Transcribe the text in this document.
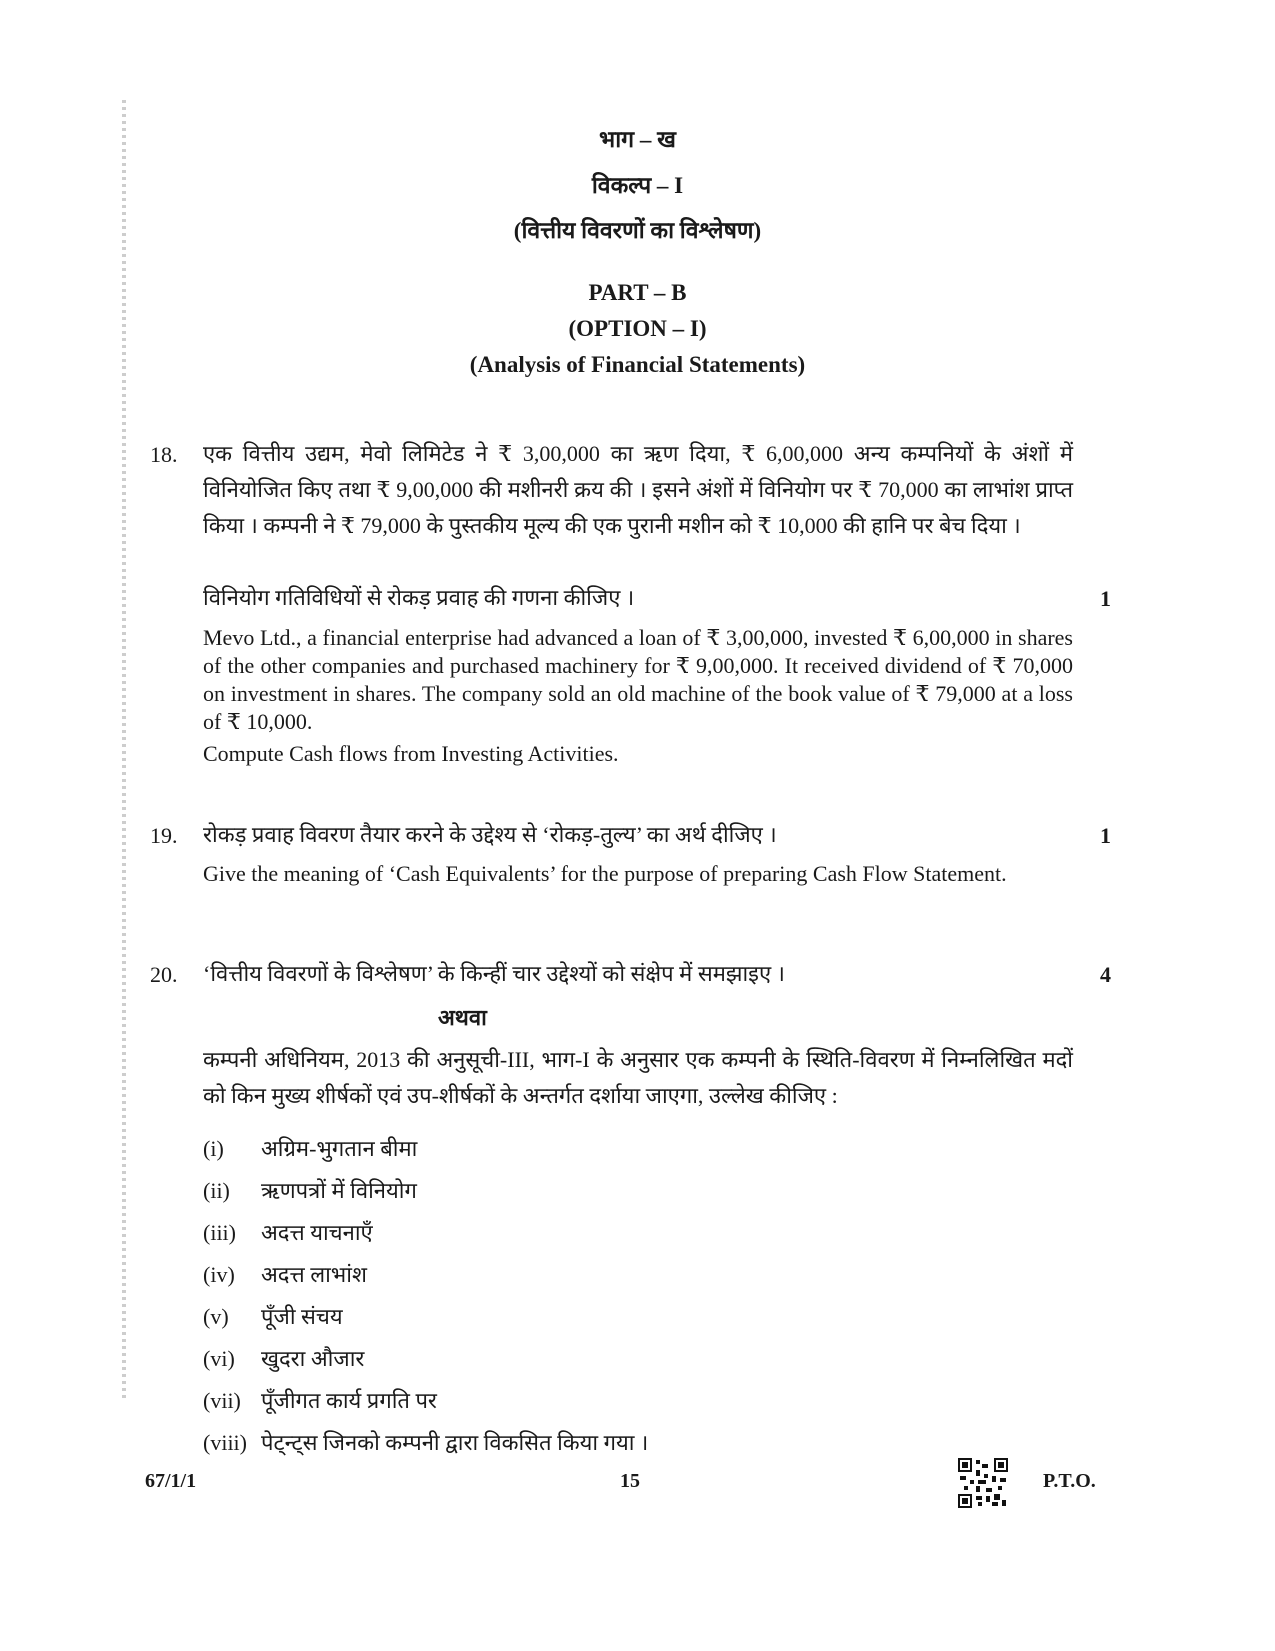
भाग – ख
विकल्प – I
(वित्तीय विवरणों का विश्लेषण)
PART – B
(OPTION – I)
(Analysis of Financial Statements)
18. एक वित्तीय उद्यम, मेवो लिमिटेड ने ₹ 3,00,000 का ऋण दिया, ₹ 6,00,000 अन्य कम्पनियों के अंशों में विनियोजित किए तथा ₹ 9,00,000 की मशीनरी क्रय की । इसने अंशों में विनियोग पर ₹ 70,000 का लाभांश प्राप्त किया । कम्पनी ने ₹ 79,000 के पुस्तकीय मूल्य की एक पुरानी मशीन को ₹ 10,000 की हानि पर बेच दिया ।

विनियोग गतिविधियों से रोकड़ प्रवाह की गणना कीजिए ।	1

Mevo Ltd., a financial enterprise had advanced a loan of ₹ 3,00,000, invested ₹ 6,00,000 in shares of the other companies and purchased machinery for ₹ 9,00,000. It received dividend of ₹ 70,000 on investment in shares. The company sold an old machine of the book value of ₹ 79,000 at a loss of ₹ 10,000.

Compute Cash flows from Investing Activities.

19. रोकड़ प्रवाह विवरण तैयार करने के उद्देश्य से ‘रोकड़-तुल्य’ का अर्थ दीजिए ।	1

Give the meaning of ‘Cash Equivalents’ for the purpose of preparing Cash Flow Statement.

20. ‘वित्तीय विवरणों के विश्लेषण’ के किन्हीं चार उद्देश्यों को संक्षेप में समझाइए ।	4
अथवा

कम्पनी अधिनियम, 2013 की अनुसूची-III, भाग-I के अनुसार एक कम्पनी के स्थिति-विवरण में निम्नलिखित मदों को किन मुख्य शीर्षकों एवं उप-शीर्षकों के अन्तर्गत दर्शाया जाएगा, उल्लेख कीजिए :

(i)	अग्रिम-भुगतान बीमा
(ii)	ऋणपत्रों में विनियोग
(iii)	अदत्त याचनाएँ
(iv)	अदत्त लाभांश
(v)	पूँजी संचय
(vi)	खुदरा औजार
(vii) पूँजीगत कार्य प्रगति पर
(viii) पेट्न्ट्स जिनको कम्पनी द्वारा विकसित किया गया ।
67/1/1	15	P.T.O.
